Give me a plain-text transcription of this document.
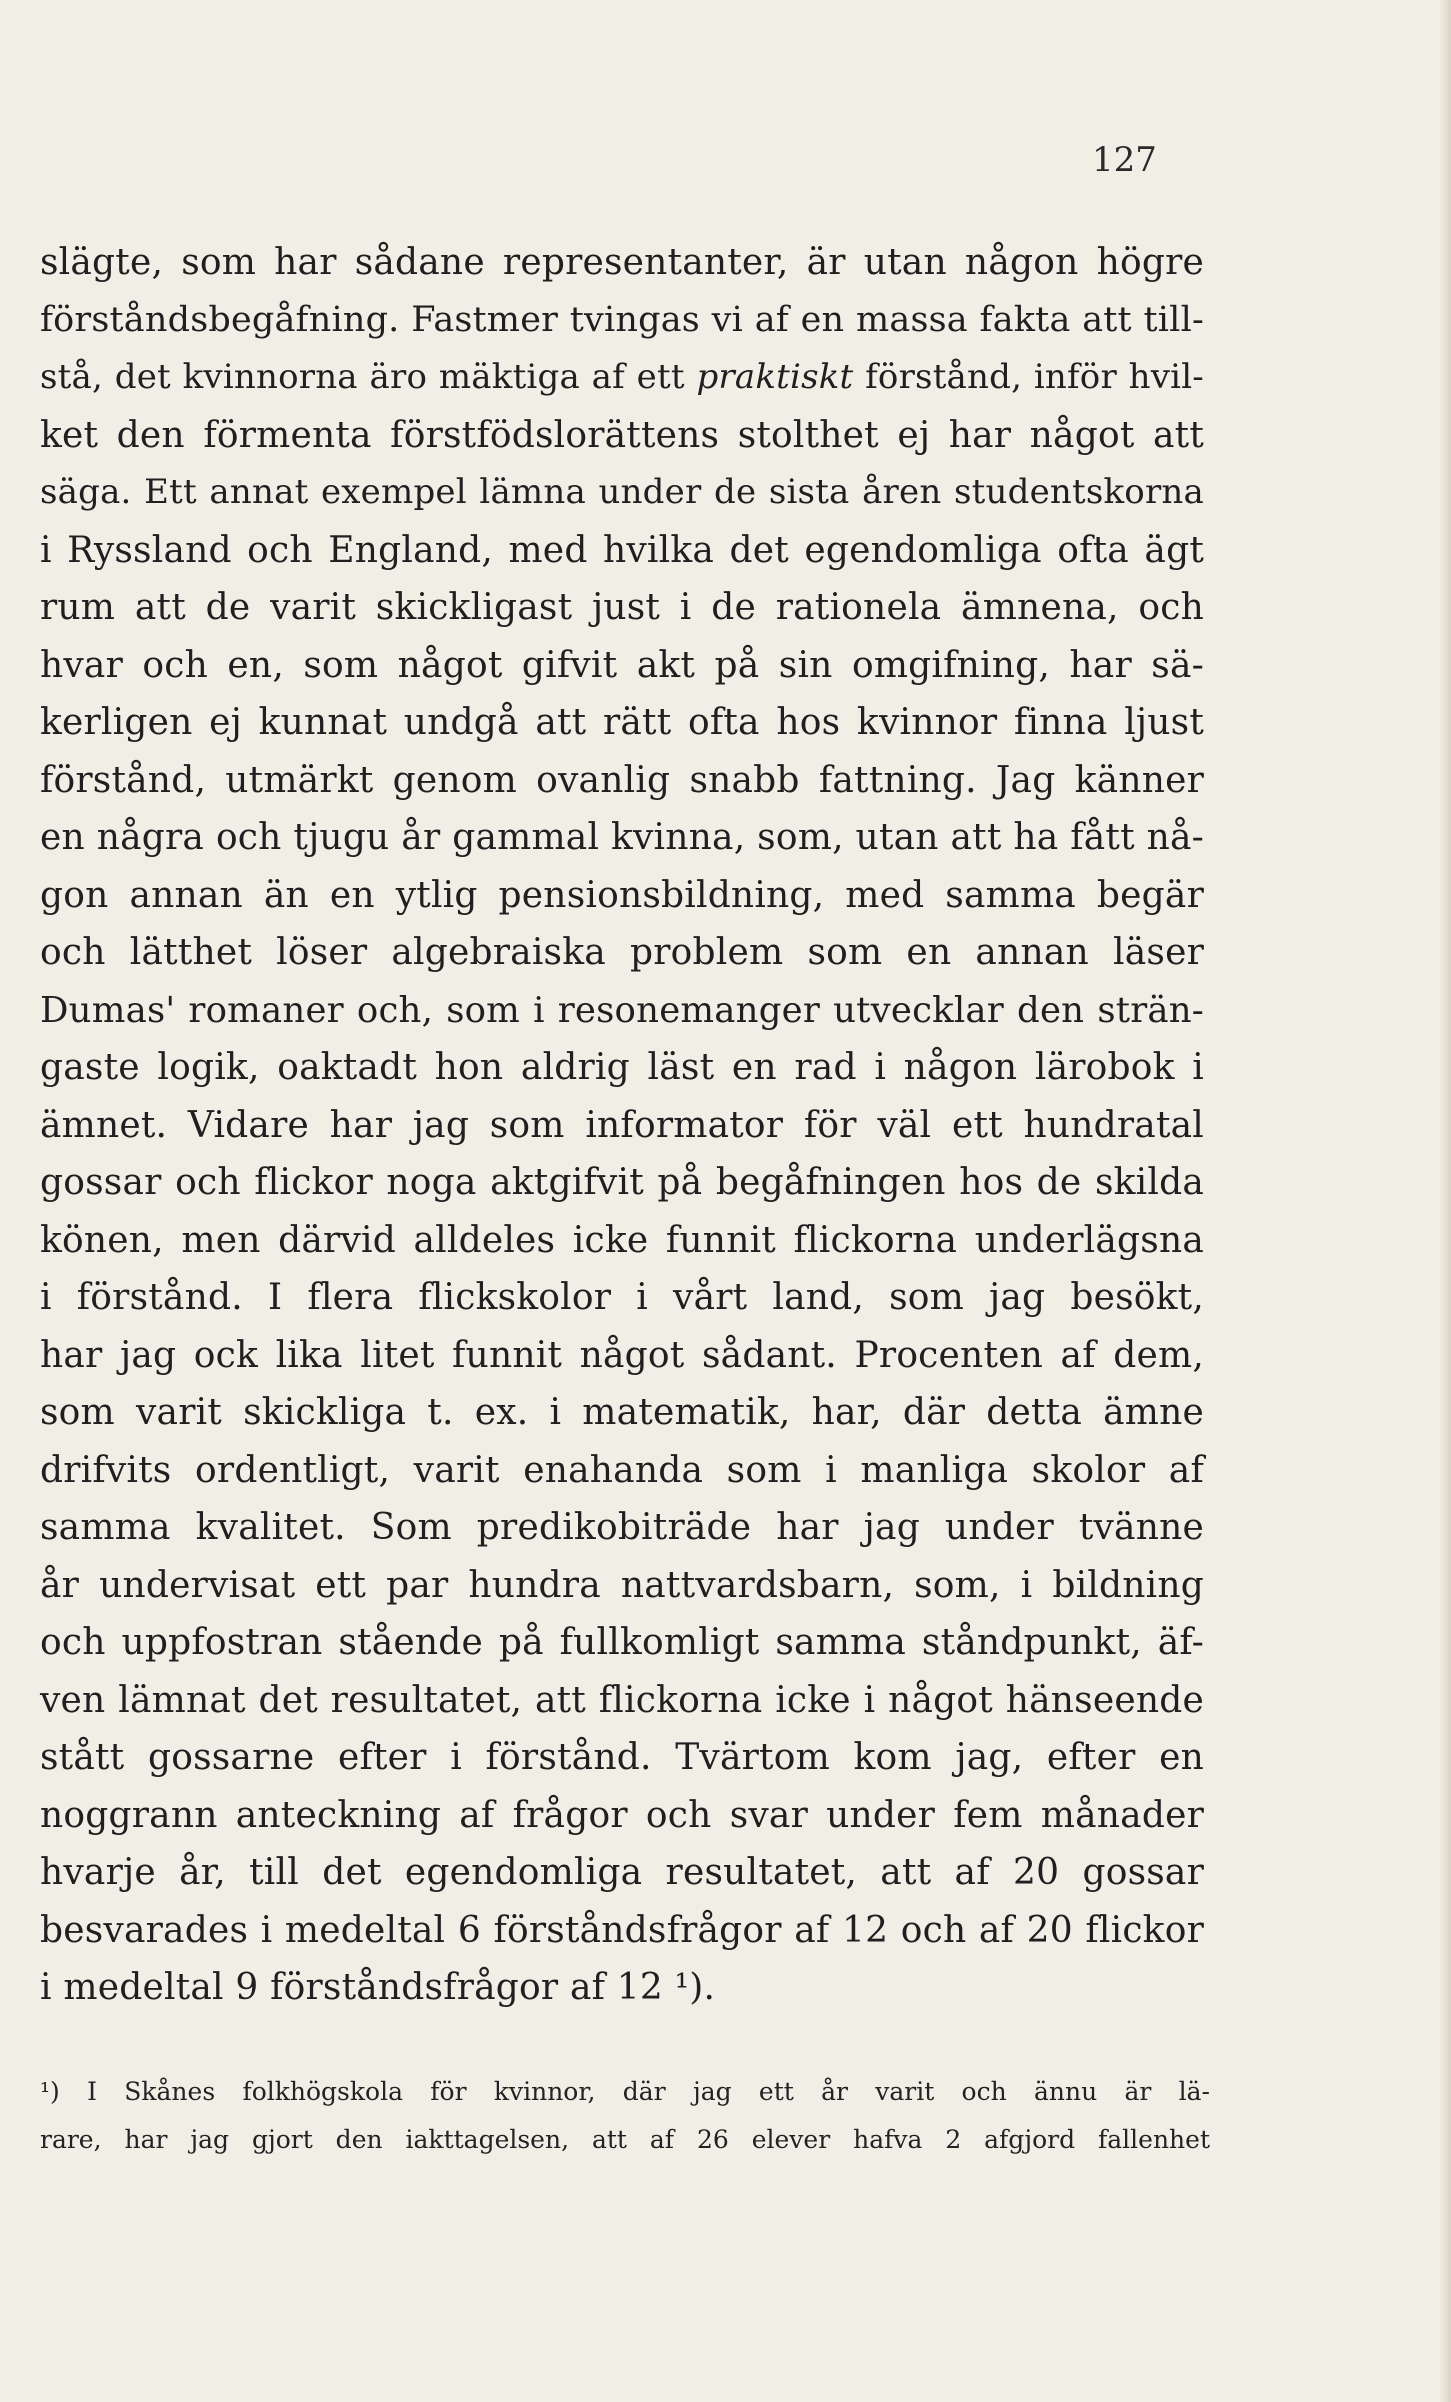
127
slägte, som har sådane representanter, är utan någon högre
förståndsbegåfning. Fastmer tvingas vi af en massa fakta att till-
stå, det kvinnorna äro mäktiga af ett praktiskt förstånd, inför hvil-
ket den förmenta förstfödslorättens stolthet ej har något att
säga. Ett annat exempel lämna under de sista åren studentskorna
i Ryssland och England, med hvilka det egendomliga ofta ägt
rum att de varit skickligast just i de rationela ämnena, och
hvar och en, som något gifvit akt på sin omgifning, har sä-
kerligen ej kunnat undgå att rätt ofta hos kvinnor finna ljust
förstånd, utmärkt genom ovanlig snabb fattning. Jag känner
en några och tjugu år gammal kvinna, som, utan att ha fått nå-
gon annan än en ytlig pensionsbildning, med samma begär
och lätthet löser algebraiska problem som en annan läser
Dumas' romaner och, som i resonemanger utvecklar den strän-
gaste logik, oaktadt hon aldrig läst en rad i någon lärobok i
ämnet. Vidare har jag som informator för väl ett hundratal
gossar och flickor noga aktgifvit på begåfningen hos de skilda
könen, men därvid alldeles icke funnit flickorna underlägsna
i förstånd. I flera flickskolor i vårt land, som jag besökt,
har jag ock lika litet funnit något sådant. Procenten af dem,
som varit skickliga t. ex. i matematik, har, där detta ämne
drifvits ordentligt, varit enahanda som i manliga skolor af
samma kvalitet. Som predikobiträde har jag under tvänne
år undervisat ett par hundra nattvardsbarn, som, i bildning
och uppfostran stående på fullkomligt samma ståndpunkt, äf-
ven lämnat det resultatet, att flickorna icke i något hänseende
stått gossarne efter i förstånd. Tvärtom kom jag, efter en
noggrann anteckning af frågor och svar under fem månader
hvarje år, till det egendomliga resultatet, att af 20 gossar
besvarades i medeltal 6 förståndsfrågor af 12 och af 20 flickor
i medeltal 9 förståndsfrågor af 12 ¹).
¹) I Skånes folkhögskola för kvinnor, där jag ett år varit och ännu är lä-
rare, har jag gjort den iakttagelsen, att af 26 elever hafva 2 afgjord fallenhet
